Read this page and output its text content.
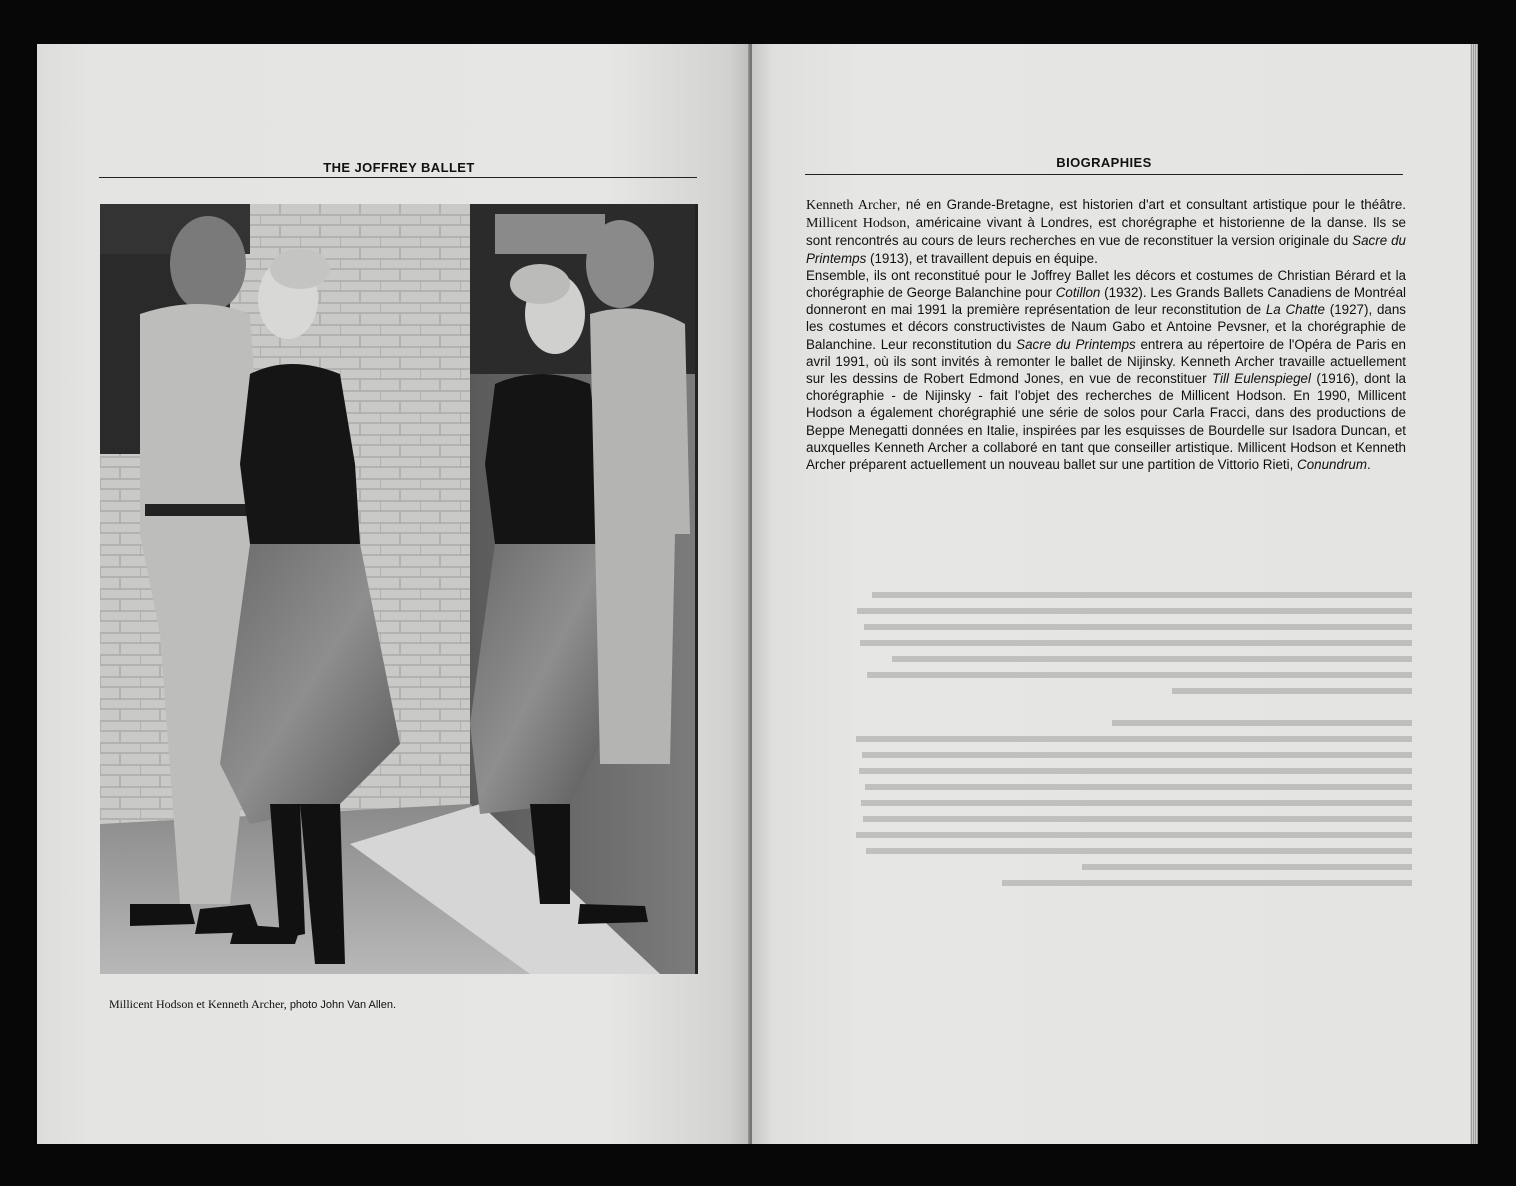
THE JOFFREY BALLET
Millicent Hodson et Kenneth Archer, photo John Van Allen.
BIOGRAPHIES

Kenneth Archer, né en Grande-Bretagne, est historien d'art et consultant artistique pour le théâtre. Millicent Hodson, américaine vivant à Londres, est chorégraphe et historienne de la danse. Ils se sont rencontrés au cours de leurs recherches en vue de reconstituer la version originale du Sacre du Printemps (1913), et travaillent depuis en équipe.

Ensemble, ils ont reconstitué pour le Joffrey Ballet les décors et costumes de Christian Bérard et la chorégraphie de George Balanchine pour Cotillon (1932). Les Grands Ballets Canadiens de Montréal donneront en mai 1991 la première représentation de leur reconstitution de La Chatte (1927), dans les costumes et décors constructivistes de Naum Gabo et Antoine Pevsner, et la chorégraphie de Balanchine. Leur reconstitution du Sacre du Printemps entrera au répertoire de l'Opéra de Paris en avril 1991, où ils sont invités à remonter le ballet de Nijinsky. Kenneth Archer travaille actuellement sur les dessins de Robert Edmond Jones, en vue de reconstituer Till Eulenspiegel (1916), dont la chorégraphie - de Nijinsky - fait l'objet des recherches de Millicent Hodson. En 1990, Millicent Hodson a également chorégraphié une série de solos pour Carla Fracci, dans des productions de Beppe Menegatti données en Italie, inspirées par les esquisses de Bourdelle sur Isadora Duncan, et auxquelles Kenneth Archer a collaboré en tant que conseiller artistique. Millicent Hodson et Kenneth Archer préparent actuellement un nouveau ballet sur une partition de Vittorio Rieti, Conundrum.
